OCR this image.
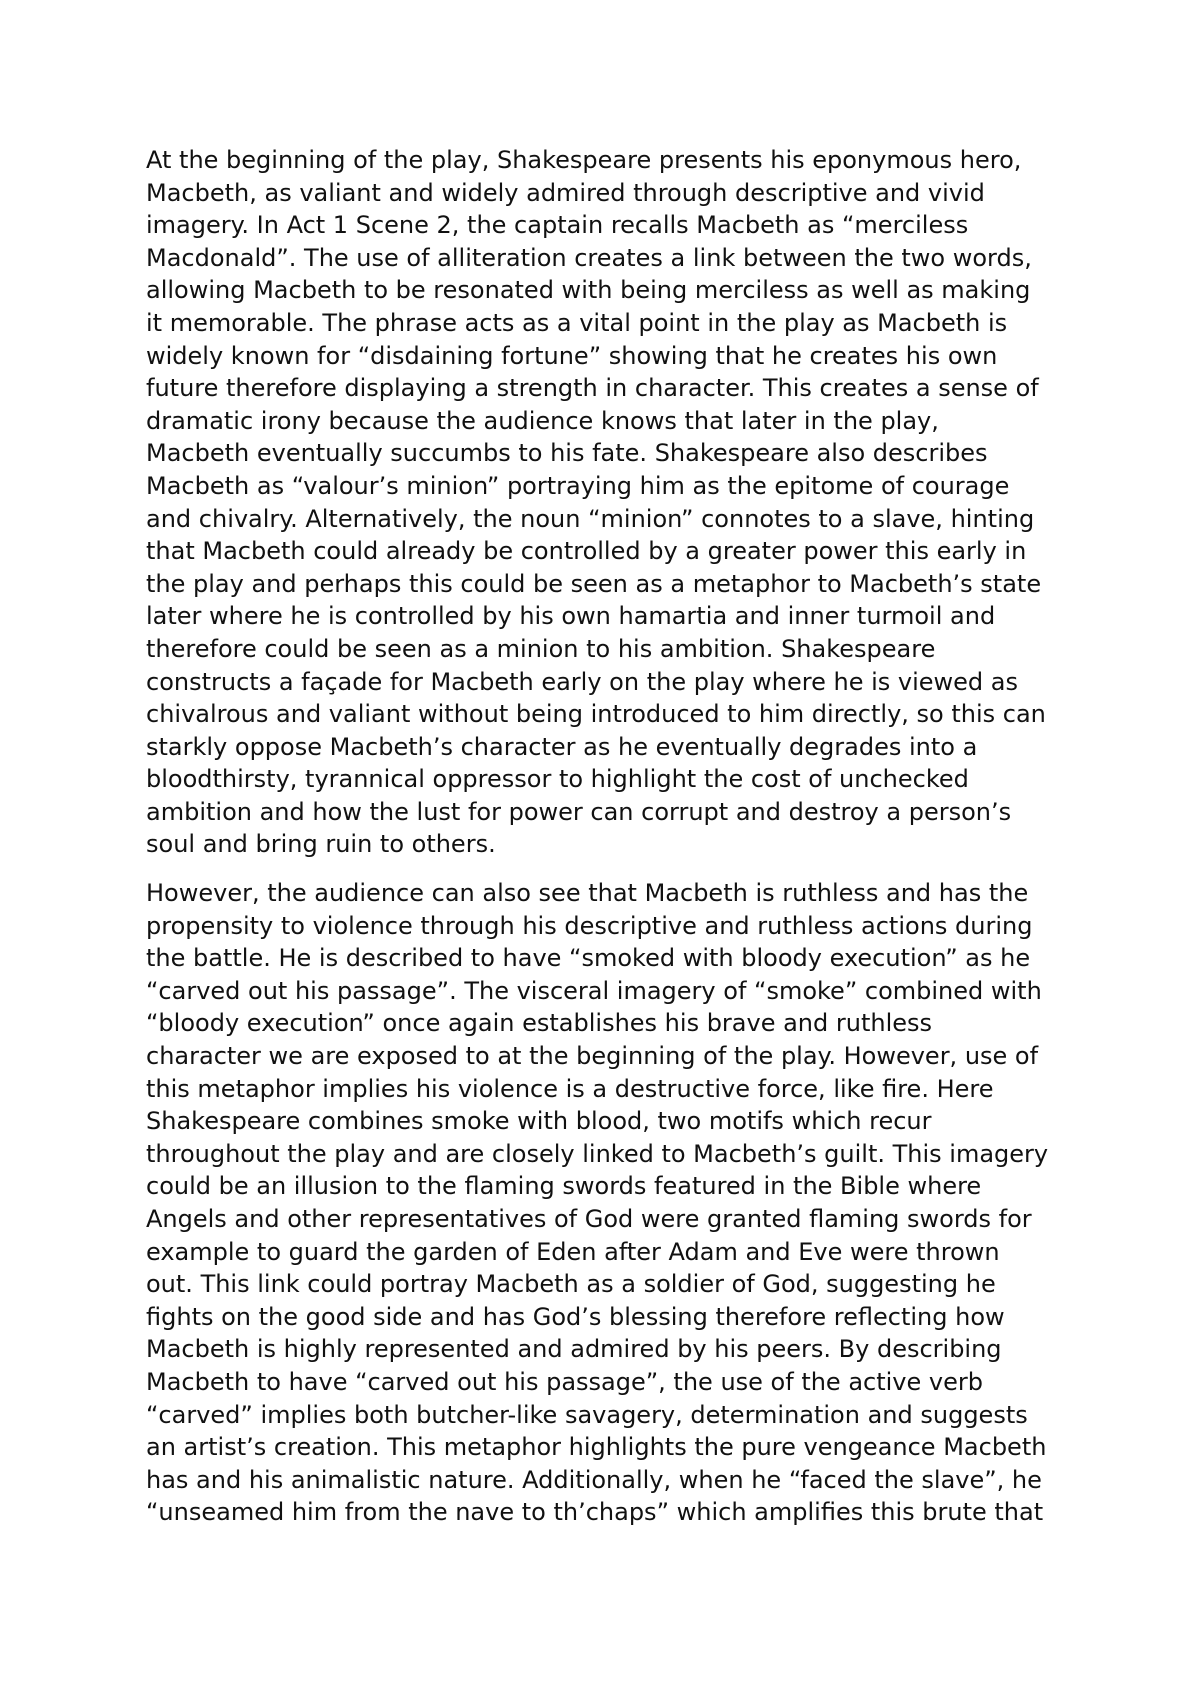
At the beginning of the play, Shakespeare presents his eponymous hero,
Macbeth, as valiant and widely admired through descriptive and vivid
imagery. In Act 1 Scene 2, the captain recalls Macbeth as “merciless
Macdonald”. The use of alliteration creates a link between the two words,
allowing Macbeth to be resonated with being merciless as well as making
it memorable. The phrase acts as a vital point in the play as Macbeth is
widely known for “disdaining fortune” showing that he creates his own
future therefore displaying a strength in character. This creates a sense of
dramatic irony because the audience knows that later in the play,
Macbeth eventually succumbs to his fate. Shakespeare also describes
Macbeth as “valour’s minion” portraying him as the epitome of courage
and chivalry. Alternatively, the noun “minion” connotes to a slave, hinting
that Macbeth could already be controlled by a greater power this early in
the play and perhaps this could be seen as a metaphor to Macbeth’s state
later where he is controlled by his own hamartia and inner turmoil and
therefore could be seen as a minion to his ambition. Shakespeare
constructs a façade for Macbeth early on the play where he is viewed as
chivalrous and valiant without being introduced to him directly, so this can
starkly oppose Macbeth’s character as he eventually degrades into a
bloodthirsty, tyrannical oppressor to highlight the cost of unchecked
ambition and how the lust for power can corrupt and destroy a person’s
soul and bring ruin to others.
However, the audience can also see that Macbeth is ruthless and has the
propensity to violence through his descriptive and ruthless actions during
the battle. He is described to have “smoked with bloody execution” as he
“carved out his passage”. The visceral imagery of “smoke” combined with
“bloody execution” once again establishes his brave and ruthless
character we are exposed to at the beginning of the play. However, use of
this metaphor implies his violence is a destructive force, like fire. Here
Shakespeare combines smoke with blood, two motifs which recur
throughout the play and are closely linked to Macbeth’s guilt. This imagery
could be an illusion to the flaming swords featured in the Bible where
Angels and other representatives of God were granted flaming swords for
example to guard the garden of Eden after Adam and Eve were thrown
out. This link could portray Macbeth as a soldier of God, suggesting he
fights on the good side and has God’s blessing therefore reflecting how
Macbeth is highly represented and admired by his peers. By describing
Macbeth to have “carved out his passage”, the use of the active verb
“carved” implies both butcher-like savagery, determination and suggests
an artist’s creation. This metaphor highlights the pure vengeance Macbeth
has and his animalistic nature. Additionally, when he “faced the slave”, he
“unseamed him from the nave to th’chaps” which amplifies this brute that
